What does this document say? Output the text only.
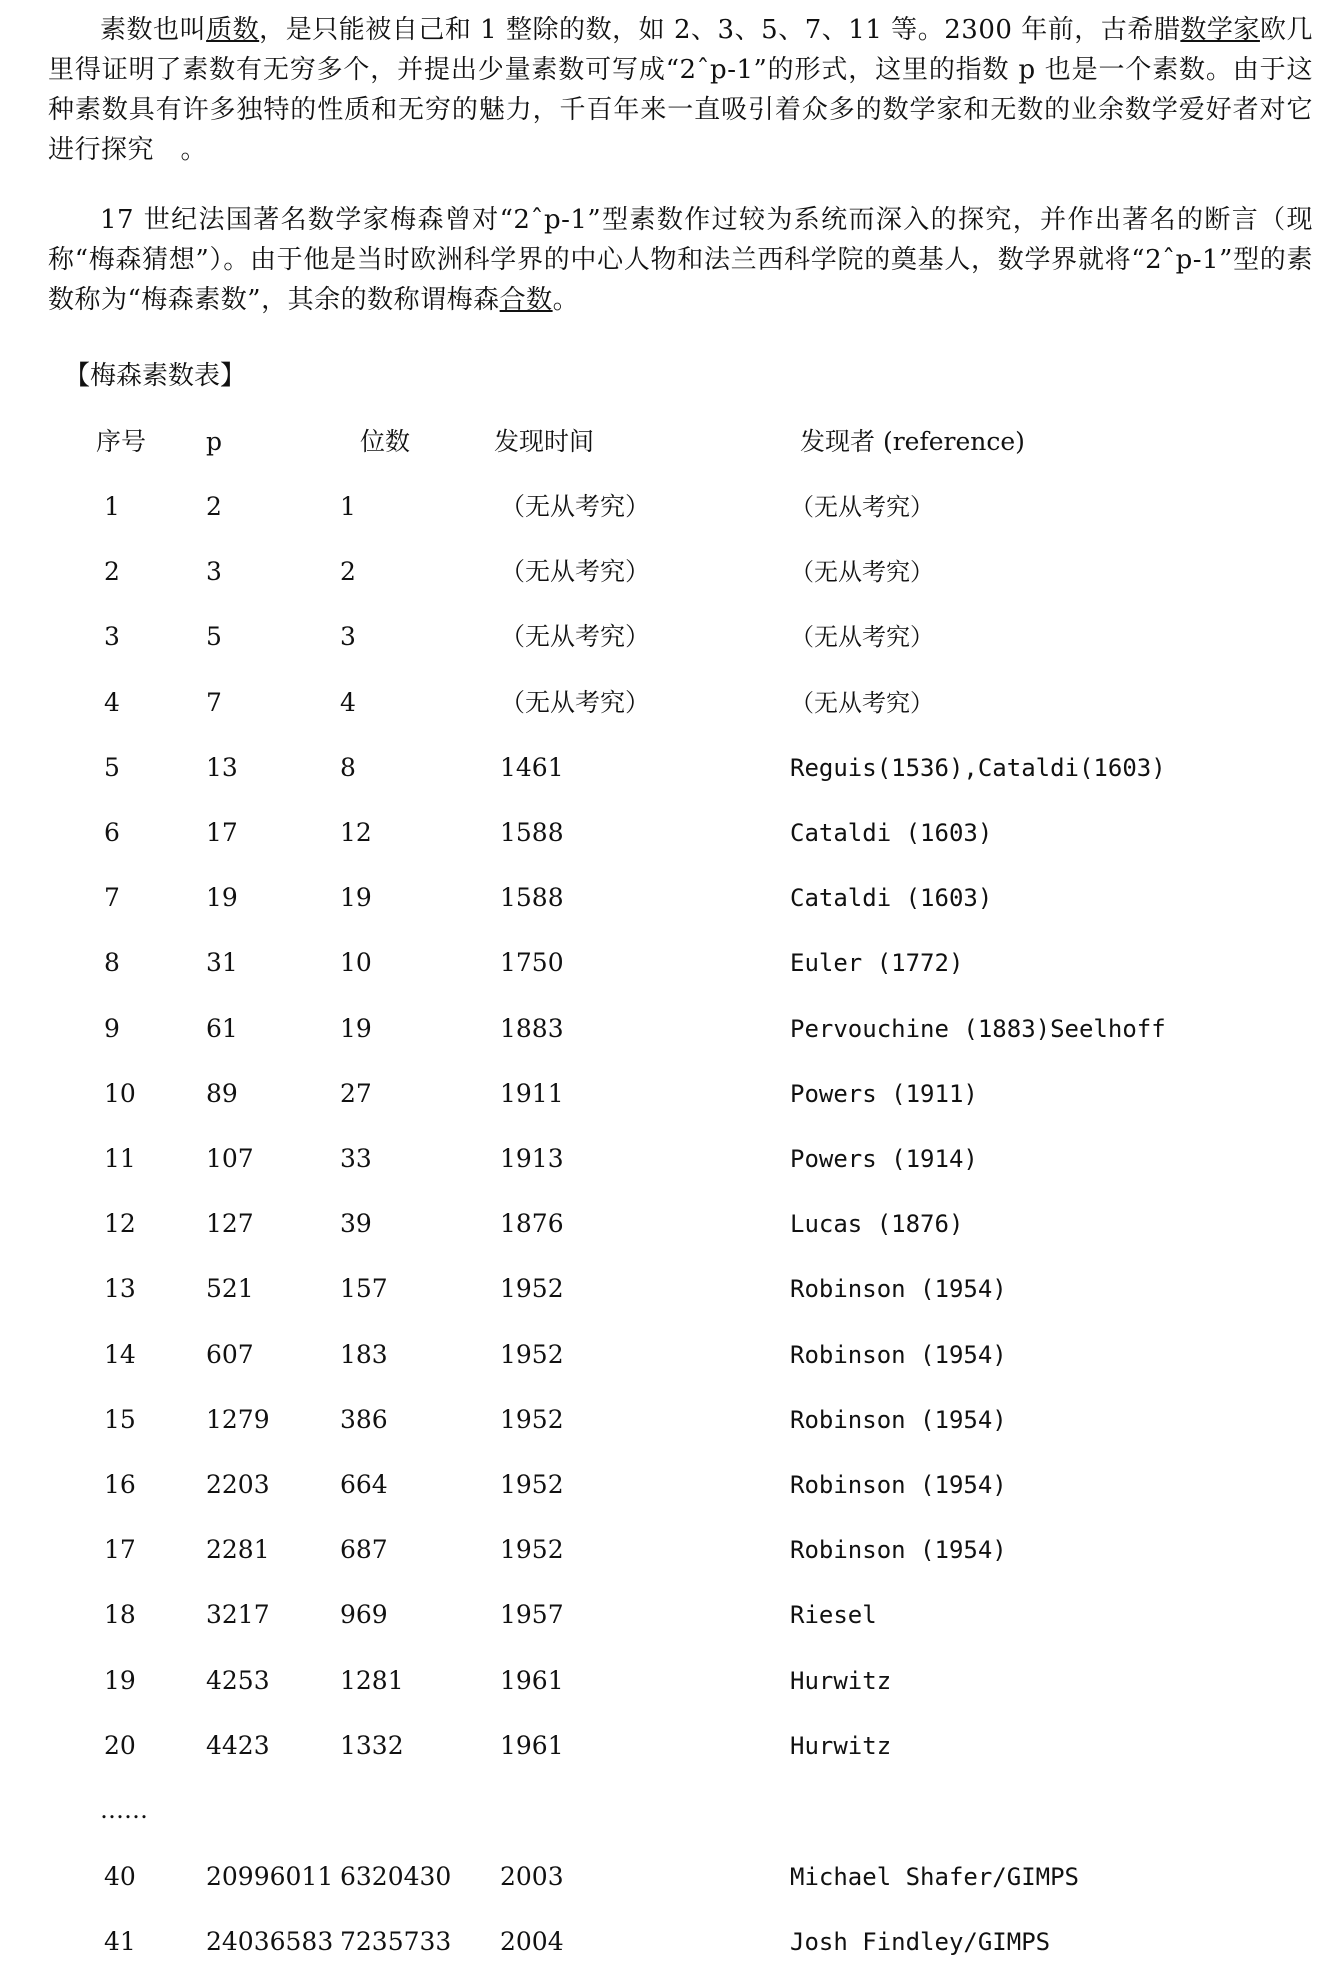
素数也叫质数，是只能被自己和 1 整除的数，如 2、3、5、7、11 等。2300 年前，古希腊数学家欧几里得证明了素数有无穷多个，并提出少量素数可写成“2ˆp-1”的形式，这里的指数 p 也是一个素数。由于这种素数具有许多独特的性质和无穷的魅力，千百年来一直吸引着众多的数学家和无数的业余数学爱好者对它进行探究　。
17 世纪法国著名数学家梅森曾对“2ˆp-1”型素数作过较为系统而深入的探究，并作出著名的断言（现称“梅森猜想”）。由于他是当时欧洲科学界的中心人物和法兰西科学院的奠基人，数学界就将“2ˆp-1”型的素数称为“梅森素数”，其余的数称谓梅森合数。
【梅森素数表】
序号 p	位数	发现时间	发现者 (reference)
1	2	1	（无从考究）	（无从考究）
2	3	2	（无从考究）	（无从考究）
3	5	3	（无从考究）	（无从考究）
4	7	4	（无从考究）	（无从考究）
5	13	8	1461	Reguis(1536),Cataldi(1603)
6	17	12	1588	Cataldi (1603)
7	19	19	1588	Cataldi (1603)
8	31	10	1750	Euler (1772)
9	61	19	1883	Pervouchine (1883)Seelhoff
10	89	27	1911	Powers (1911)
11	107	33	1913	Powers (1914)
12	127	39	1876	Lucas (1876)
13	521	157	1952	Robinson (1954)
14	607	183	1952	Robinson (1954)
15	1279	386	1952	Robinson (1954)
16	2203	664	1952	Robinson (1954)
17	2281	687	1952	Robinson (1954)
18	3217	969	1957	Riesel
19	4253	1281	1961	Hurwitz
20	4423	1332	1961	Hurwitz
40	20996011 6320430 2003	Michael Shafer/GIMPS
41	24036583 7235733 2004	Josh Findley/GIMPS
……
